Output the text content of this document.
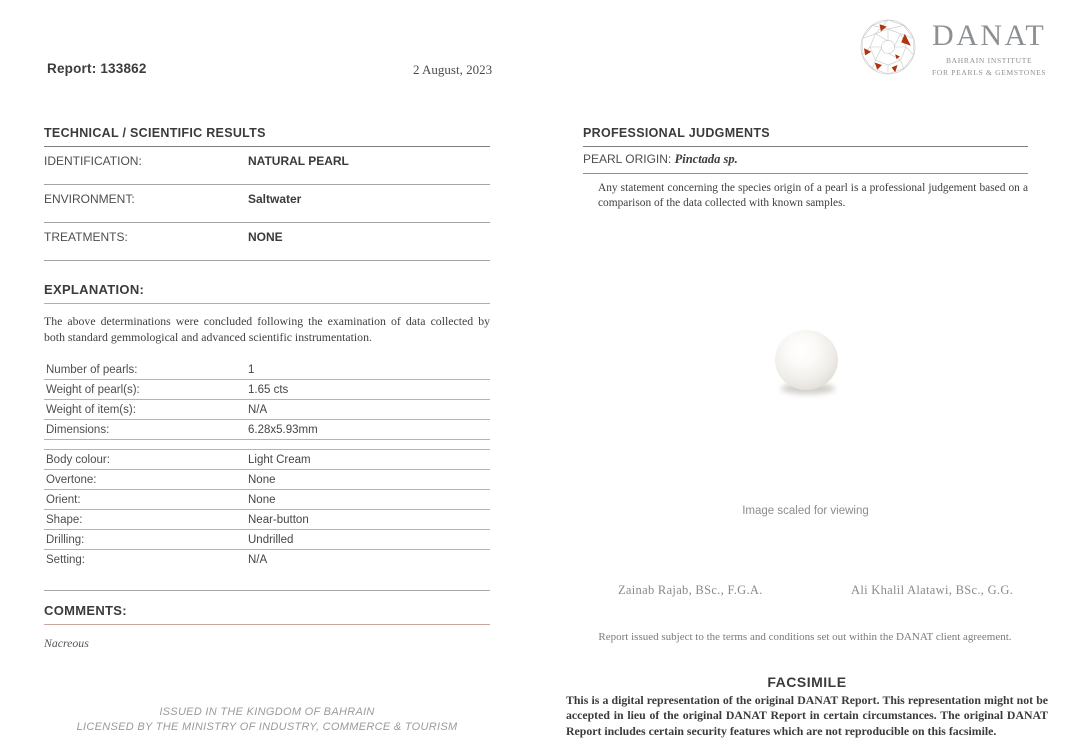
Report: 133862	2 August, 2023
DANAT
BAHRAIN INSTITUTE
FOR PEARLS & GEMSTONES
TECHNICAL / SCIENTIFIC RESULTS
IDENTIFICATION:	NATURAL PEARL
ENVIRONMENT:	Saltwater
TREATMENTS:	NONE
EXPLANATION:
The above determinations were concluded following the examination of data collected by both standard gemmological and advanced scientific instrumentation.
Number of pearls:	1
Weight of pearl(s):	1.65 cts
Weight of item(s):	N/A
Dimensions:	6.28x5.93mm
Body colour:	Light Cream
Overtone:	None
Orient:	None
Shape:	Near-button
Drilling:	Undrilled
Setting:	N/A
COMMENTS:
Nacreous
PROFESSIONAL JUDGMENTS
PEARL ORIGIN: Pinctada sp.
Any statement concerning the species origin of a pearl is a professional judgement based on a comparison of the data collected with known samples.
Image scaled for viewing
Zainab Rajab, BSc., F.G.A.	Ali Khalil Alatawi, BSc., G.G.
Report issued subject to the terms and conditions set out within the DANAT client agreement.
FACSIMILE
This is a digital representation of the original DANAT Report. This representation might not be accepted in lieu of the original DANAT Report in certain circumstances. The original DANAT Report includes certain security features which are not reproducible on this facsimile.
ISSUED IN THE KINGDOM OF BAHRAIN
LICENSED BY THE MINISTRY OF INDUSTRY, COMMERCE & TOURISM
